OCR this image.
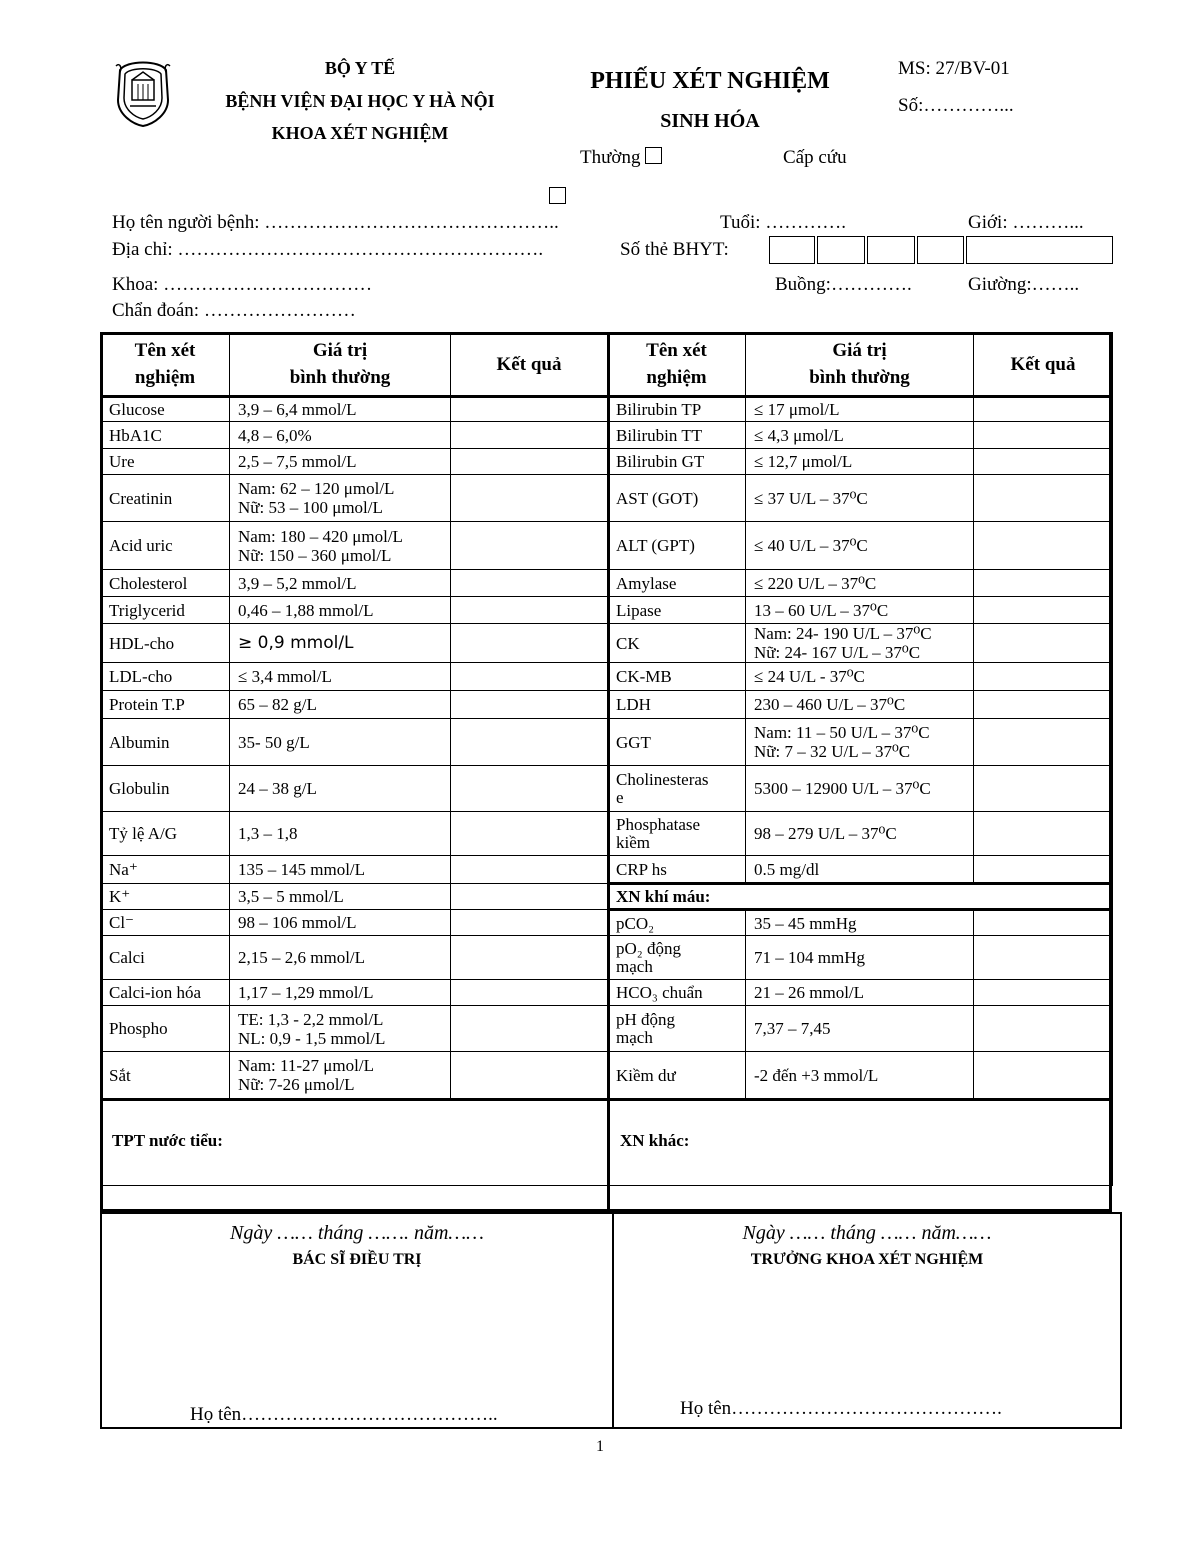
BỘ Y TẾ
BỆNH VIỆN ĐẠI HỌC Y HÀ NỘI
KHOA XÉT NGHIỆM
PHIẾU XÉT NGHIỆM
SINH HÓA
MS: 27/BV-01
Số:…………...
Thường	Cấp cứu
Họ tên người bệnh: ………………………………………..	Tuổi: ………….	Giới: ………...
Địa chỉ: ………………………………………………….	Số thẻ BHYT:
Khoa: ……………………………	Buồng:………….	Giường:……..
Chẩn đoán: ……………………
Tên xét
nghiệm	Giá trị
bình thường	Kết quả	Tên xét
nghiệm	Giá trị
bình thường	Kết quả

Glucose	3,9 – 6,4 mmol/L		Bilirubin TP	≤ 17 μmol/L	

HbA1C	4,8 – 6,0%		Bilirubin TT	≤ 4,3 μmol/L	

Ure	2,5 – 7,5 mmol/L		Bilirubin GT	≤ 12,7 μmol/L	

Creatinin	Nam: 62 – 120 μmol/L
Nữ: 53 – 100 μmol/L		AST (GOT)	≤ 37 U/L – 37⁰C	

Acid uric	Nam: 180 – 420 μmol/L
Nữ: 150 – 360 μmol/L		ALT (GPT)	≤ 40 U/L – 37⁰C	

Cholesterol	3,9 – 5,2 mmol/L		Amylase	≤ 220 U/L – 37⁰C	

Triglycerid	0,46 – 1,88 mmol/L		Lipase	13 – 60 U/L – 37⁰C	

HDL-cho	≥ 0,9 mmol/L		CK	Nam: 24- 190 U/L – 37⁰C
Nữ: 24- 167 U/L – 37⁰C	

LDL-cho	≤ 3,4 mmol/L		CK-MB	≤ 24 U/L - 37⁰C	

Protein T.P	65 – 82 g/L		LDH	230 – 460 U/L – 37⁰C	

Albumin	35- 50 g/L		GGT	Nam: 11 – 50 U/L – 37⁰C
Nữ: 7 – 32 U/L – 37⁰C	

Globulin	24 – 38 g/L		Cholinesteras
e	5300 – 12900 U/L – 37⁰C	

Tỷ lệ A/G	1,3 – 1,8		Phosphatase
kiềm	98 – 279 U/L – 37⁰C	

Na⁺	135 – 145 mmol/L		CRP hs	0.5 mg/dl	

K⁺	3,5 – 5 mmol/L		XN khí máu:		

Cl⁻	98 – 106 mmol/L		pCO₂	35 – 45 mmHg	

Calci	2,15 – 2,6 mmol/L		pO₂ động
mạch	71 – 104 mmHg	

Calci-ion hóa	1,17 – 1,29 mmol/L		HCO₃ chuẩn	21 – 26 mmol/L	

Phospho	TE: 1,3 - 2,2 mmol/L
NL: 0,9 - 1,5 mmol/L		pH động
mạch	7,37 – 7,45	

Sắt	Nam: 11-27 μmol/L
Nữ: 7-26 μmol/L		Kiềm dư	-2 đến +3 mmol/L	

TPT nước tiểu:	XN khác:
Ngày …… tháng ……. năm……
BÁC SĨ ĐIỀU TRỊ
Họ tên…………………………………..
Ngày …… tháng …… năm……
TRƯỞNG KHOA XÉT NGHIỆM
Họ tên…………………………………….
1
